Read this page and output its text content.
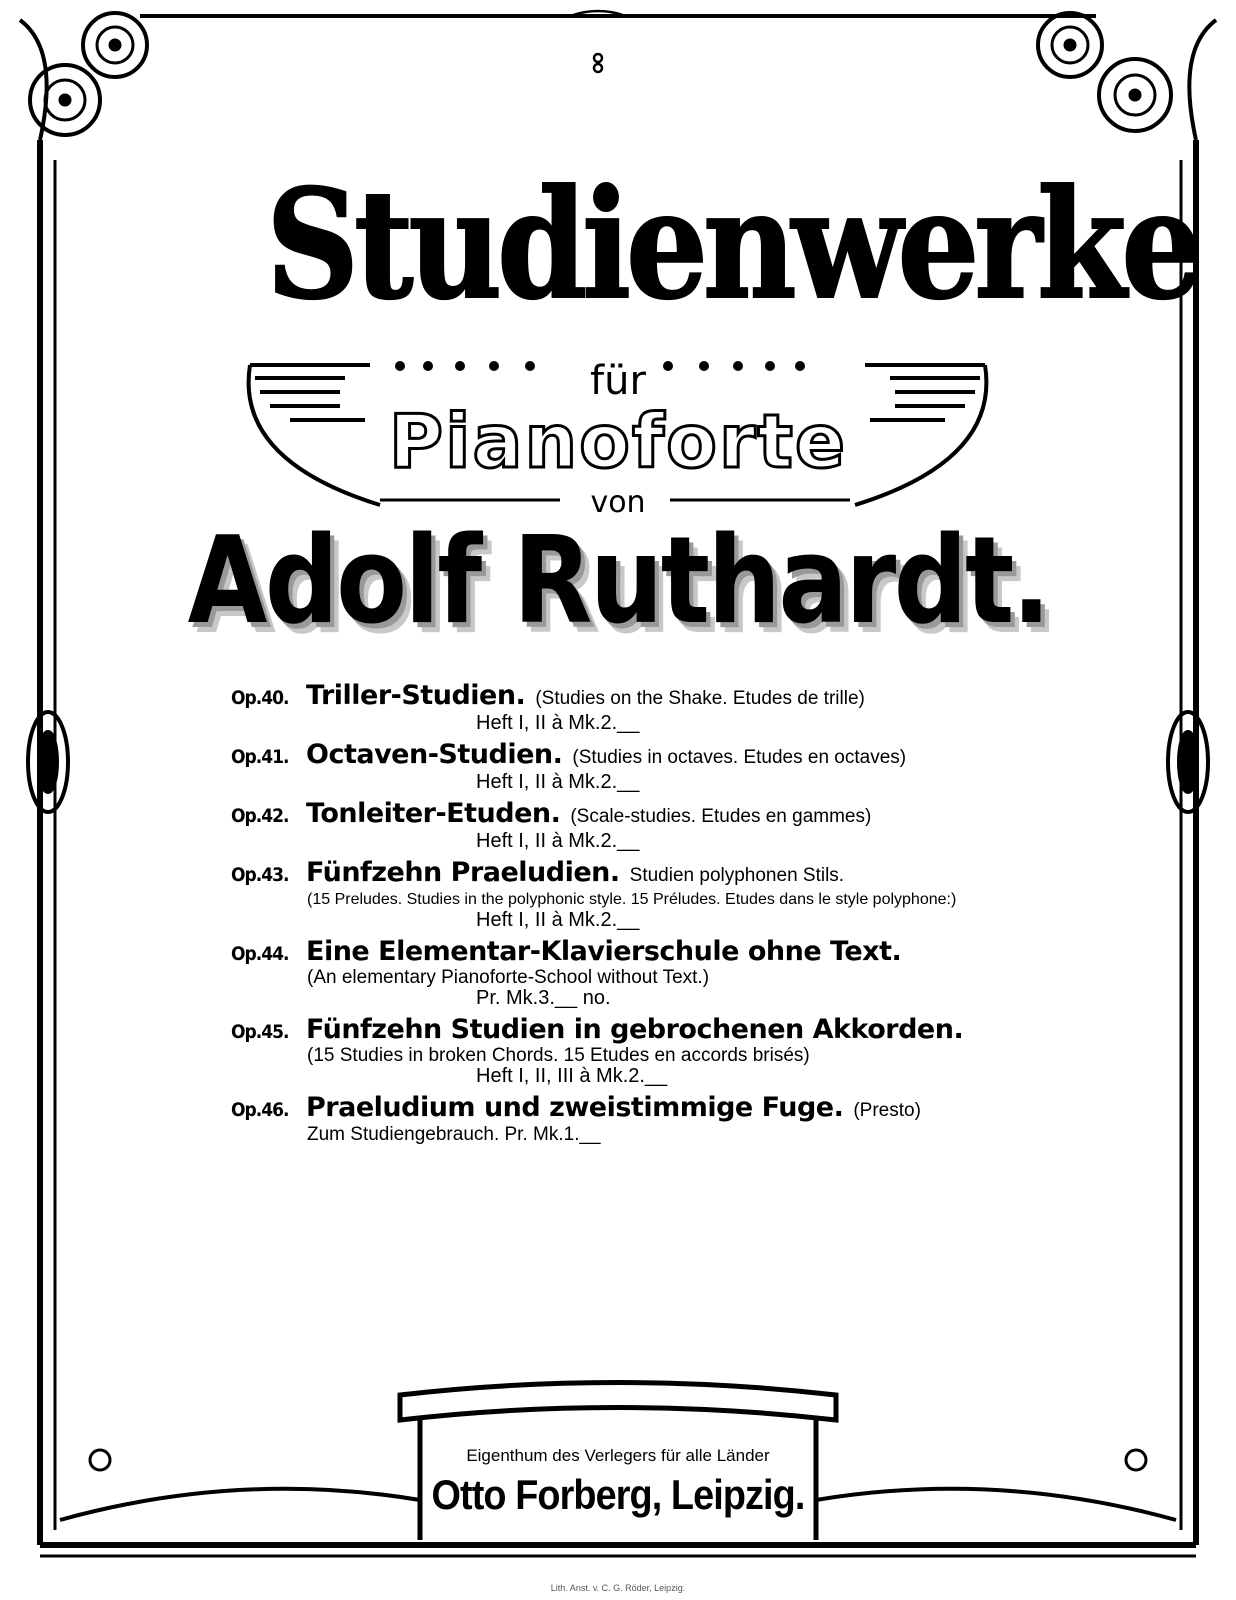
Studienwerke
für
Pianoforte
von
Adolf Ruthardt.
Op.40. Triller-Studien. (Studies on the Shake. Etudes de trille)
Heft I, II à Mk.2.__
Op.41. Octaven-Studien. (Studies in octaves. Etudes en octaves)
Heft I, II à Mk.2.__
Op.42. Tonleiter-Etuden. (Scale-studies. Etudes en gammes)
Heft I, II à Mk.2.__
Op.43. Fünfzehn Praeludien. Studien polyphonen Stils.
(15 Preludes. Studies in the polyphonic style. 15 Préludes. Etudes dans le style polyphone:)
Heft I, II à Mk.2.__
Op.44. Eine Elementar-Klavierschule ohne Text.
(An elementary Pianoforte-School without Text.)
Pr. Mk.3.__ no.
Op.45. Fünfzehn Studien in gebrochenen Akkorden.
(15 Studies in broken Chords. 15 Etudes en accords brisés)
Heft I, II, III à Mk.2.__
Op.46. Praeludium und zweistimmige Fuge. (Presto)
Zum Studiengebrauch. Pr. Mk.1.__
Eigenthum des Verlegers für alle Länder
Otto Forberg, Leipzig.
Lith. Anst. v. C. G. Röder, Leipzig.
